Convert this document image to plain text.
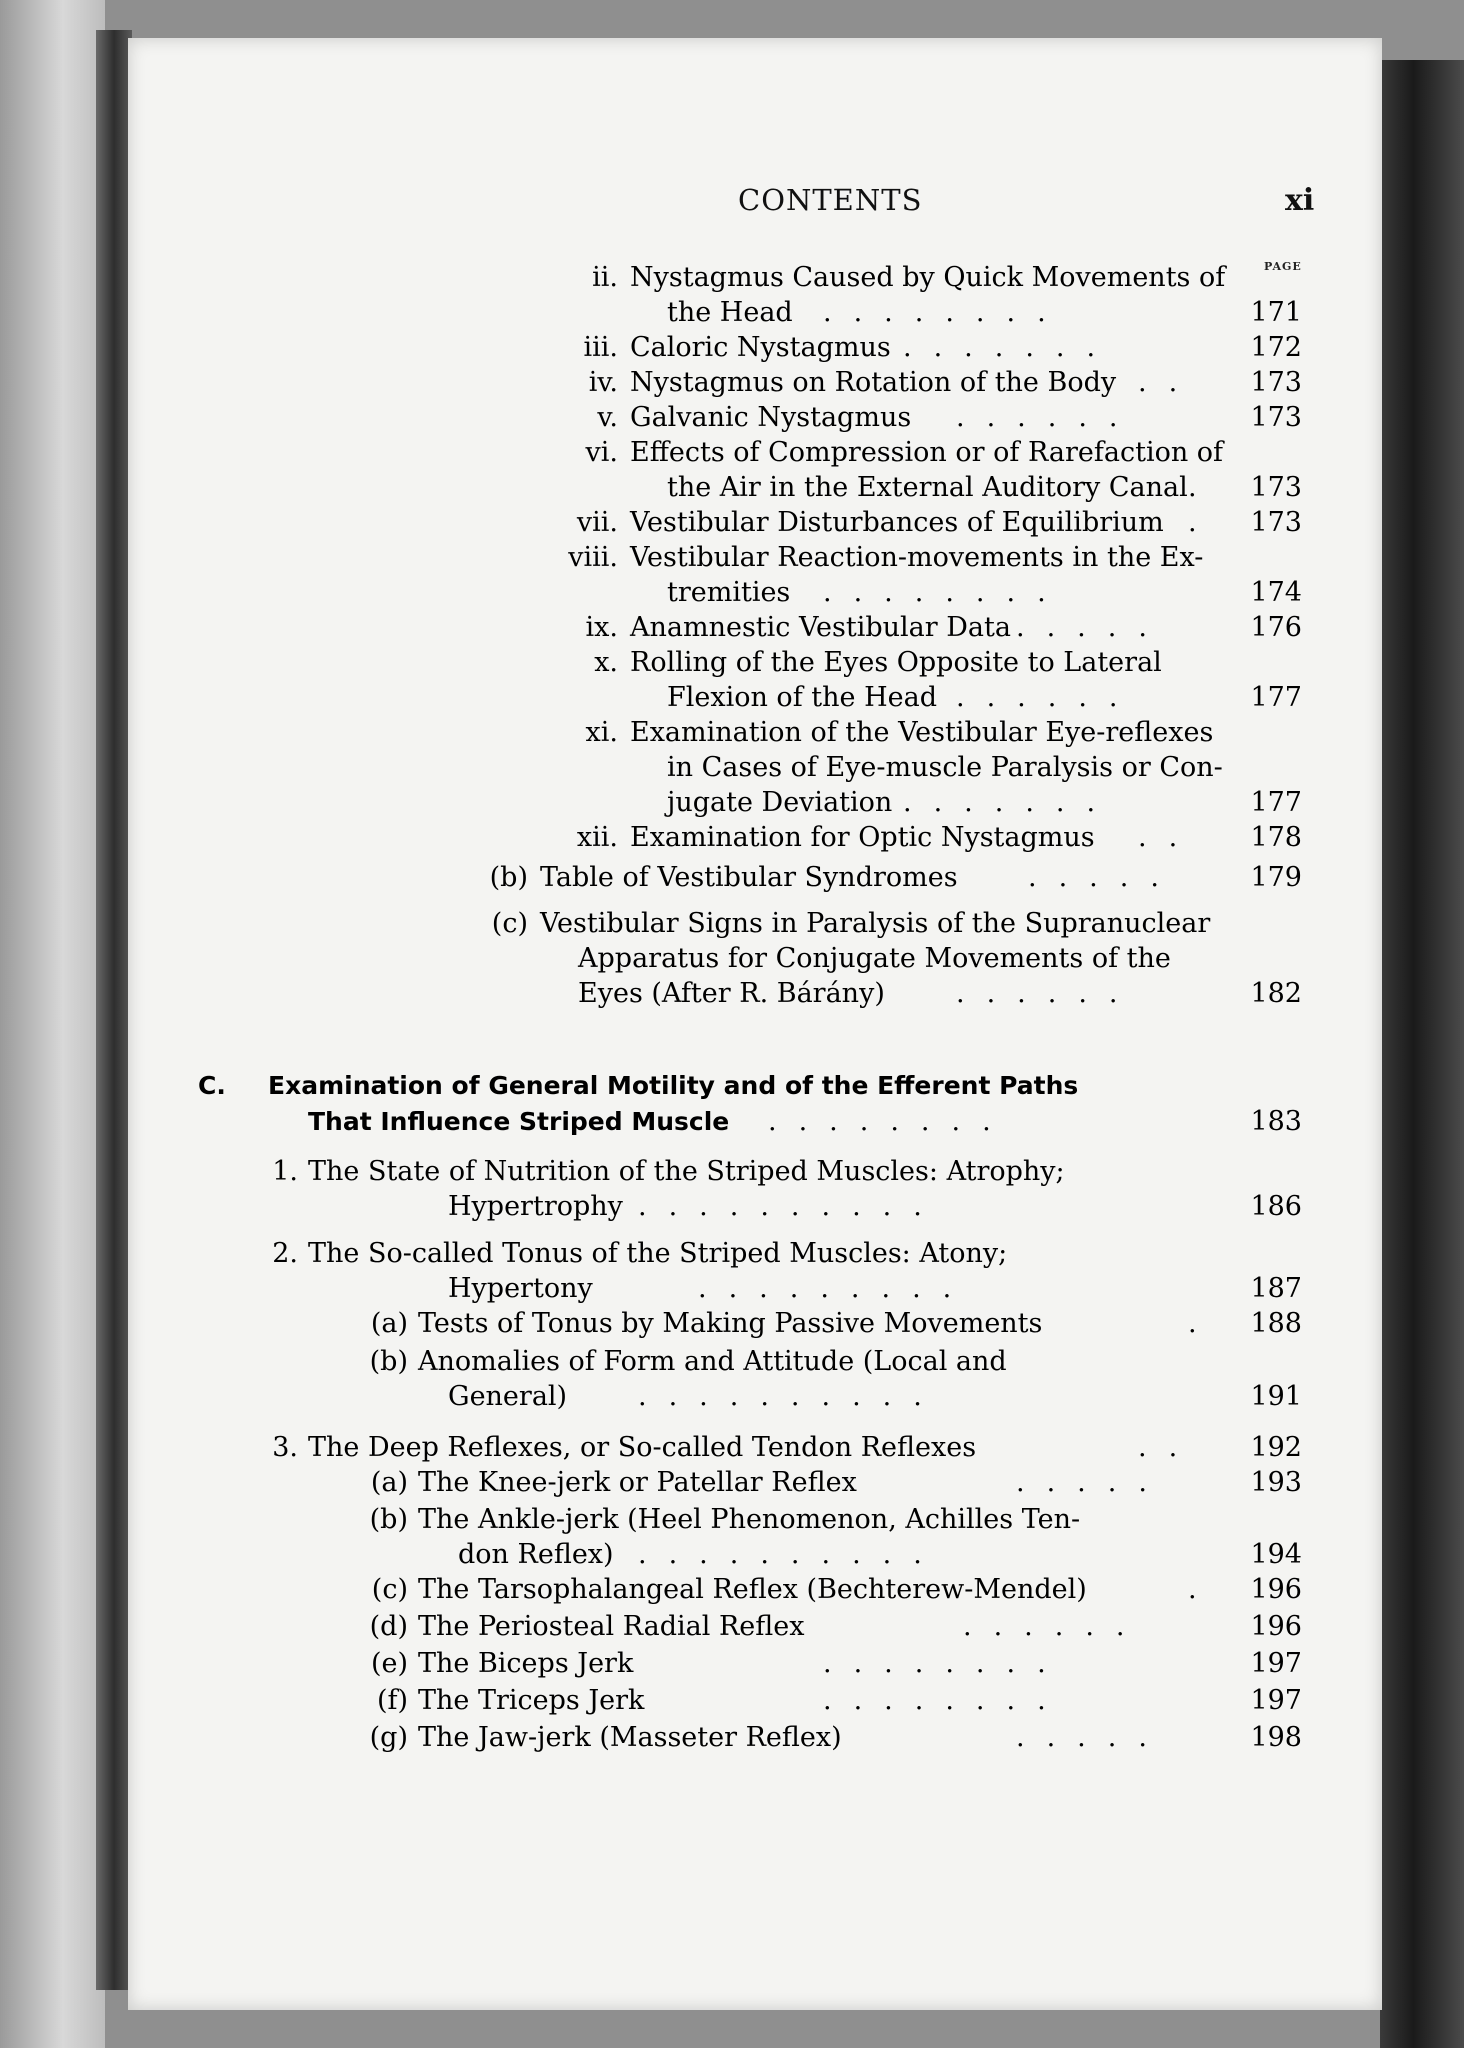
CONTENTS	xi
PAGE
ii. Nystagmus Caused by Quick Movements of
the Head ........	171
iii. Caloric Nystagmus .......	172
iv. Nystagmus on Rotation of the Body .. 173
v. Galvanic Nystagmus ......	173
vi. Effects of Compression or of Rarefaction of
the Air in the External Auditory Canal . 173
vii. Vestibular Disturbances of Equilibrium . 173
viii. Vestibular Reaction-movements in the Ex-
tremities ........	174
ix. Anamnestic Vestibular Data .....	176
x. Rolling of the Eyes Opposite to Lateral
Flexion of the Head ......	177
xi. Examination of the Vestibular Eye-reflexes
in Cases of Eye-muscle Paralysis or Con-
jugate Deviation .......	177
xii. Examination for Optic Nystagmus .. 178
(b) Table of Vestibular Syndromes	.....	179
(c) Vestibular Signs in Paralysis of the Supranuclear
Apparatus for Conjugate Movements of the
Eyes (After R. Bárány)	......	182
C.	Examination of General Motility and of the Efferent Paths
That Influence Striped Muscle ........	183
1. The State of Nutrition of the Striped Muscles: Atrophy;
Hypertrophy ..........	186
2. The So-called Tonus of the Striped Muscles: Atony;
Hypertony	.........	187
(a) Tests of Tonus by Making Passive Movements	. 188
(b) Anomalies of Form and Attitude (Local and
General)	..........	191
3. The Deep Reflexes, or So-called Tendon Reflexes	.. 192
(a) The Knee-jerk or Patellar Reflex	.....	193
(b) The Ankle-jerk (Heel Phenomenon, Achilles Ten-
don Reflex) ..........	194
(c) The Tarsophalangeal Reflex (Bechterew-Mendel)	. 196
(d) The Periosteal Radial Reflex	......	196
(e) The Biceps Jerk	........	197
(f) The Triceps Jerk	........	197
(g) The Jaw-jerk (Masseter Reflex)	.....	198
